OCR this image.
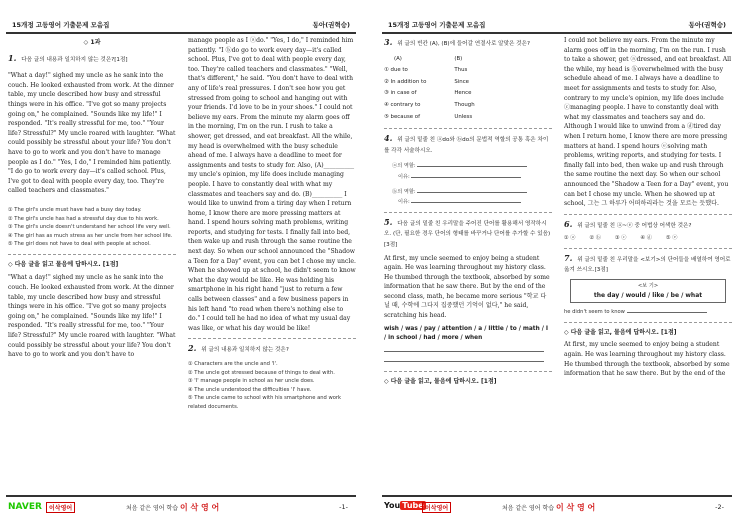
15개정 고등영어 기출문제 모음집	동아(권혁승)

◇ 1과

1. 다음 글의 내용과 일치하지 않는 것은?[1점]

"What a day!" sighed my uncle as he sank into the couch. He looked exhausted from work. At the dinner table, my uncle described how busy and stressful things were in his office. "I've got so many projects going on," he complained. "Sounds like my life!" I responded. "It's really stressful for me, too." "Your life? Stressful?" My uncle roared with laughter. "What could possibly be stressful about your life? You don't have to go to work and you don't have to manage people as I do." "Yes, I do," I reminded him patiently. "I do go to work every day—it's called school. Plus, I've got to deal with people every day, too. They're called teachers and classmates."

① The girl's uncle must have had a busy day today.
② The girl's uncle has had a stressful day due to his work.
③ The girl's uncle doesn't understand her school life very well.
④ The girl has as much stress as her uncle from her school life.
⑤ The girl does not have to deal with people at school.

◇ 다음 글을 읽고 물음에 답하시오. [1점]

"What a day!" sighed my uncle as he sank into the couch. He looked exhausted from work. At the dinner table, my uncle described how busy and stressful things were in his office. "I've got so many projects going on," he complained. "Sounds like my life!" I responded. "It's really stressful for me, too." "Your life? Stressful?" My uncle roared with laughter. "What could possibly be stressful about your life? You don't have to go to work and you don't have to

manage people as I ⓐdo." "Yes, I do," I reminded him patiently. "I ⓑdo go to work every day—it's called school. Plus, I've got to deal with people every day, too. They're called teachers and classmates." "Well, that's different," he said. "You don't have to deal with any of life's real pressures. I don't see how you get stressed from going to school and hanging out with your friends. I'd love to be in your shoes." I could not believe my ears. From the minute my alarm goes off in the morning, I'm on the run. I rush to take a shower, get dressed, and eat breakfast. All the while, my head is overwhelmed with the busy schedule ahead of me. I always have a deadline to meet for assignments and tests to study for. Also, (A)__________ my uncle's opinion, my life does include managing people. I have to constantly deal with what my classmates and teachers say and do. (B)__________ I would like to unwind from a tiring day when I return home, I know there are more pressing matters at hand. I spend hours solving math problems, writing reports, and studying for tests. I finally fall into bed, then wake up and rush through the same routine the next day. So when our school announced the "Shadow a Teen for a Day" event, you can bet I chose my uncle. When he showed up at school, he didn't seem to know what the day would be like. He was holding his smartphone in his right hand "just to return a few calls between classes" and a few business papers in his left hand "to read when there's nothing else to do." I could tell he had no idea of what my usual day was like, or what his day would be like!

2. 위 글의 내용과 일치하지 않는 것은?

① Characters are the uncle and 'I'.
② The uncle got stressed because of things to deal with.
③ 'I' manage people in school as her uncle does.
④ The uncle understood the difficulties 'I' have.
⑤ The uncle came to school with his smartphone and work related documents.
NAVER	이삭영어	처음 같은 영어 학습 이 삭 영 어	-1-
15개정 고등영어 기출문제 모음집	동아(권혁승)

3. 위 글의 빈칸 (A), (B)에 들어갈 연결사로 알맞은 것은?

(A)	(B)
① due to	Thus
② In addition to	Since
③ in case of	Hence
④ contrary to	Though
⑤ because of	Unless

4. 위 글의 밑줄 친 ⓐdo와 ⓑdo의 문법적 역할의 공통 혹은 차이를 각각 서술하시오.

ⓐ의 역할:
이유:
ⓑ의 역할:
이유:

5. 다음 글의 밑줄 친 우리말을 주어진 단어를 활용해서 영작하시오. (단, 필요한 경우 단어의 형태를 바꾸거나 단어를 추가할 수 있음)[3점]

At first, my uncle seemed to enjoy being a student again. He was learning throughout my history class. He thumbed through the textbook, absorbed by some information that he saw there. But by the end of the second class, math, he became more serious "학교 다닐 때, 수학에 그다지 집중했던 기억이 없다," he said, scratching his head.

wish / was / pay / attention / a / little / to / math / I / in school / had / more / when

◇ 다음 글을 읽고, 물음에 답하시오. [1점]

I could not believe my ears. From the minute my alarm goes off in the morning, I'm on the run. I rush to take a shower, get ⓐdressed, and eat breakfast. All the while, my head is ⓑoverwhelmed with the busy schedule ahead of me. I always have a deadline to meet for assignments and tests to study for. Also, contrary to my uncle's opinion, my life does include ⓒmanaging people. I have to constantly deal with what my classmates and teachers say and do. Although I would like to unwind from a ⓓtired day when I return home, I know there are more pressing matters at hand. I spend hours ⓔsolving math problems, writing reports, and studying for tests. I finally fall into bed, then wake up and rush through the same routine the next day. So when our school announced the "Shadow a Teen for a Day" event, you can bet I chose my uncle. When he showed up at school, 그는 그 하루가 어떠하리라는 것을 모르는 듯했다.

6. 위 글의 밑줄 친 ⓐ~ⓔ 중 어법상 어색한 것은?

① ⓐ	② ⓑ	③ ⓒ	④ ⓓ	⑤ ⓔ

7. 위 글의 밑줄 친 우리말을 <보기>의 단어들을 배열하여 영어로 옮겨 쓰시오.[3점]

<보 기>
the day / would / like / be / what
he didn't seem to know

◇ 다음 글을 읽고, 물음에 답하시오. [1점]

At first, my uncle seemed to enjoy being a student again. He was learning throughout my history class. He thumbed through the textbook, absorbed by some information that he saw there. But by the end of the

You Tube 이삭영어	처음 같은 영어 학습 이 삭 영 어	-2-
